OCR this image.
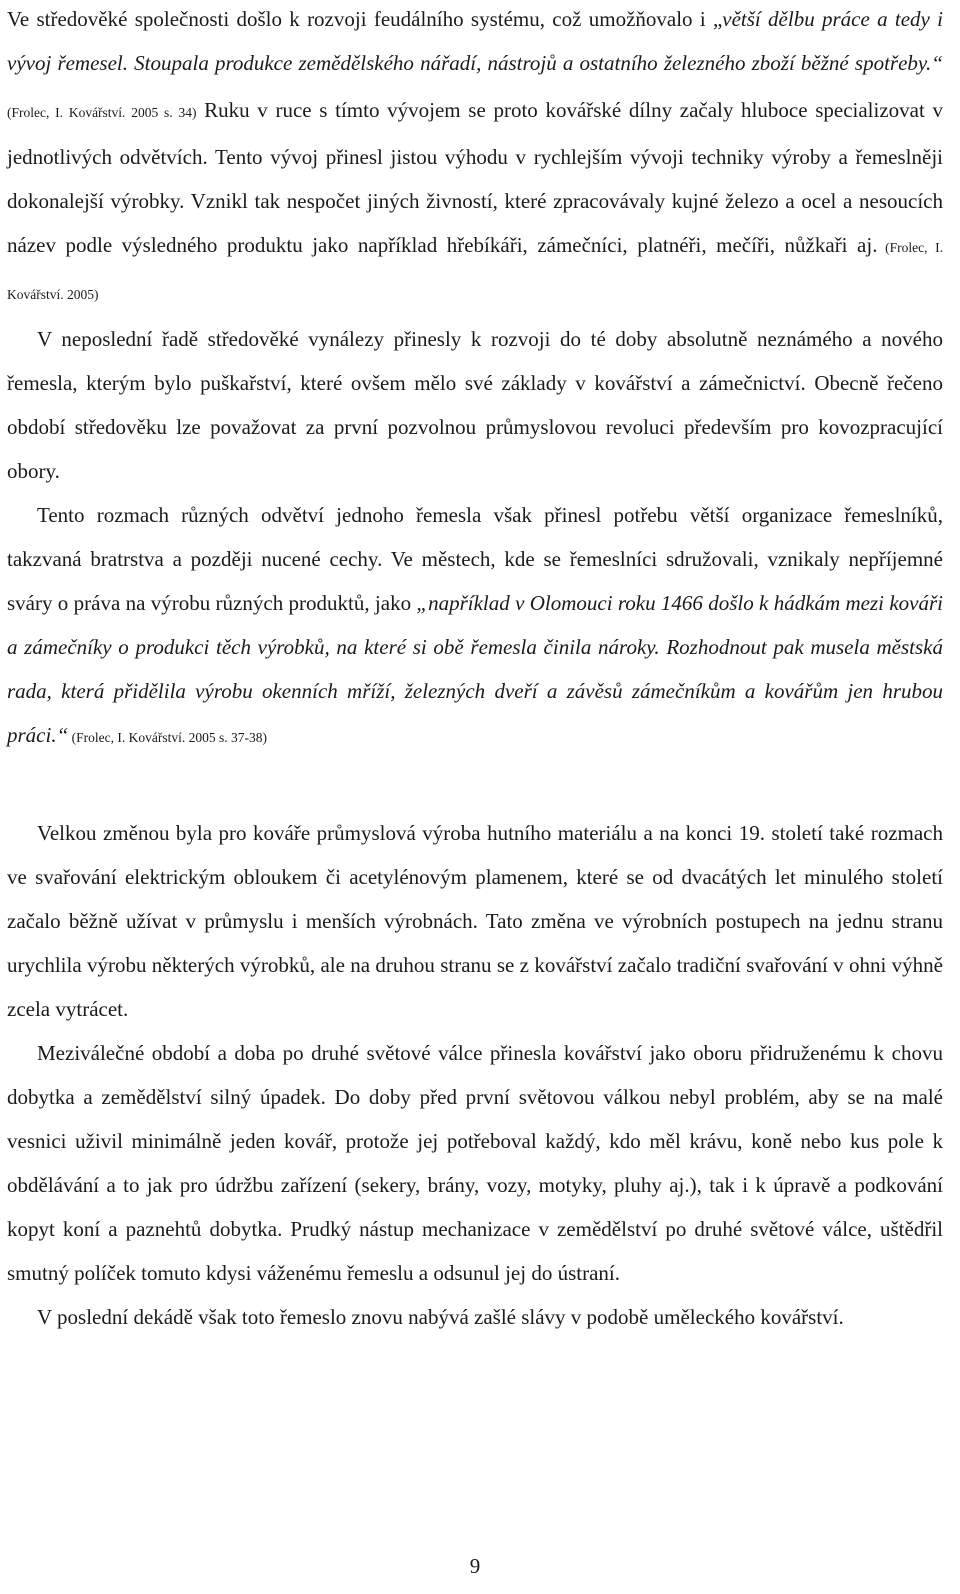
Ve středověké společnosti došlo k rozvoji feudálního systému, což umožňovalo i „větší dělbu práce a tedy i vývoj řemesel. Stoupala produkce zemědělského nářadí, nástrojů a ostatního železného zboží běžné spotřeby.“ (Frolec, I. Kovářství. 2005 s. 34) Ruku v ruce s tímto vývojem se proto kovářské dílny začaly hluboce specializovat v jednotlivých odvětvích. Tento vývoj přinesl jistou výhodu v rychlejším vývoji techniky výroby a řemeslněji dokonalejší výrobky. Vznikl tak nespočet jiných živností, které zpracovávaly kujné železo a ocel a nesoucích název podle výsledného produktu jako například hřebíkáři, zámečníci, platnéři, mečíři, nůžkaři aj. (Frolec, I. Kovářství. 2005)

V neposlední řadě středověké vynálezy přinesly k rozvoji do té doby absolutně neznámého a nového řemesla, kterým bylo puškařství, které ovšem mělo své základy v kovářství a zámečnictví. Obecně řečeno období středověku lze považovat za první pozvolnou průmyslovou revoluci především pro kovozpracující obory.

Tento rozmach různých odvětví jednoho řemesla však přinesl potřebu větší organizace řemeslníků, takzvaná bratrstva a později nucené cechy. Ve městech, kde se řemeslníci sdružovali, vznikaly nepříjemné sváry o práva na výrobu různých produktů, jako „například v Olomouci roku 1466 došlo k hádkám mezi kováři a zámečníky o produkci těch výrobků, na které si obě řemesla činila nároky. Rozhodnout pak musela městská rada, která přidělila výrobu okenních mříží, železných dveří a závěsů zámečníkům a kovářům jen hrubou práci.“ (Frolec, I. Kovářství. 2005 s. 37-38)

Velkou změnou byla pro kováře průmyslová výroba hutního materiálu a na konci 19. století také rozmach ve svařování elektrickým obloukem či acetylénovým plamenem, které se od dvacátých let minulého století začalo běžně užívat v průmyslu i menších výrobnách. Tato změna ve výrobních postupech na jednu stranu urychlila výrobu některých výrobků, ale na druhou stranu se z kovářství začalo tradiční svařování v ohni výhně zcela vytrácet.

Meziválečné období a doba po druhé světové válce přinesla kovářství jako oboru přidruženému k chovu dobytka a zemědělství silný úpadek. Do doby před první světovou válkou nebyl problém, aby se na malé vesnici uživil minimálně jeden kovář, protože jej potřeboval každý, kdo měl krávu, koně nebo kus pole k obdělávání a to jak pro údržbu zařízení (sekery, brány, vozy, motyky, pluhy aj.), tak i k úpravě a podkování kopyt koní a paznehtů dobytka. Prudký nástup mechanizace v zemědělství po druhé světové válce, uštědřil smutný políček tomuto kdysi váženému řemeslu a odsunul jej do ústraní.

V poslední dekádě však toto řemeslo znovu nabývá zašlé slávy v podobě uměleckého kovářství.

9
